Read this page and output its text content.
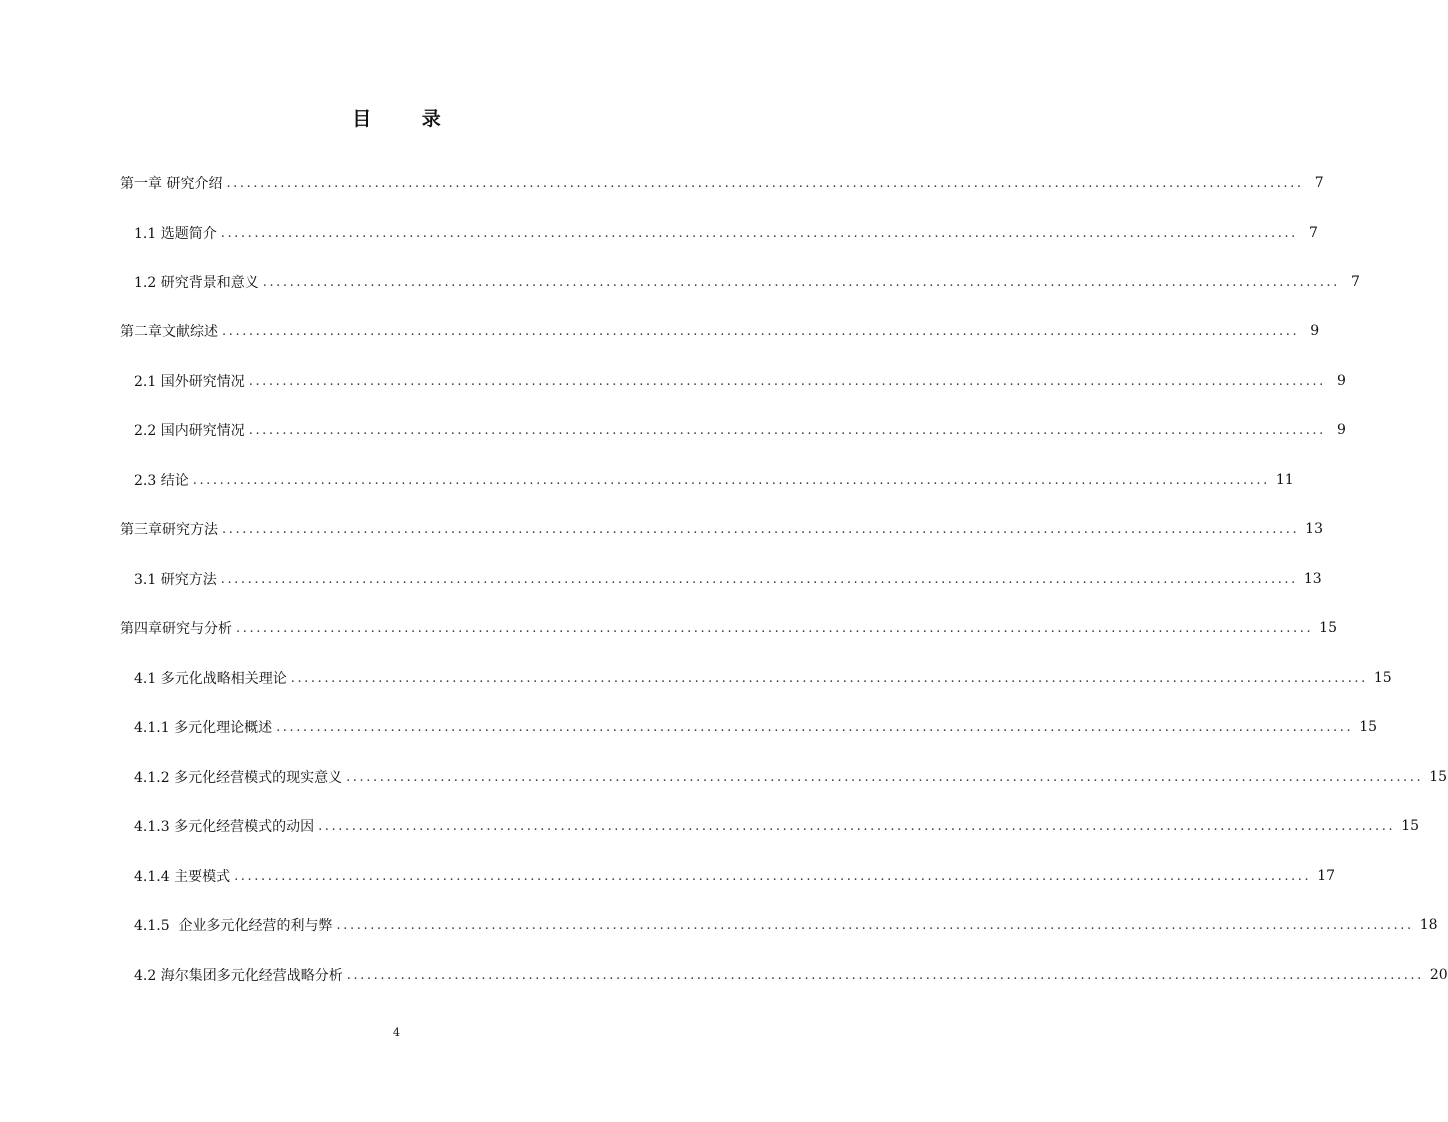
目 录
第一章 研究介绍 ................................................................................................................................................................ 7
1.1 选题简介 ................................................................................................................................................................ 7
1.2 研究背景和意义 ................................................................................................................................................................ 7
第二章文献综述 ................................................................................................................................................................ 9
2.1 国外研究情况 ................................................................................................................................................................ 9
2.2 国内研究情况 ................................................................................................................................................................ 9
2.3 结论 ................................................................................................................................................................ 11
第三章研究方法 ................................................................................................................................................................ 13
3.1 研究方法 ................................................................................................................................................................ 13
第四章研究与分析 ................................................................................................................................................................ 15
4.1 多元化战略相关理论 ................................................................................................................................................................ 15
4.1.1 多元化理论概述 ................................................................................................................................................................ 15
4.1.2 多元化经营模式的现实意义 ................................................................................................................................................................ 15
4.1.3 多元化经营模式的动因 ................................................................................................................................................................ 15
4.1.4 主要模式 ................................................................................................................................................................ 17
4.1.5  企业多元化经营的利与弊 ................................................................................................................................................................ 18
4.2 海尔集团多元化经营战略分析 ................................................................................................................................................................ 20
4
